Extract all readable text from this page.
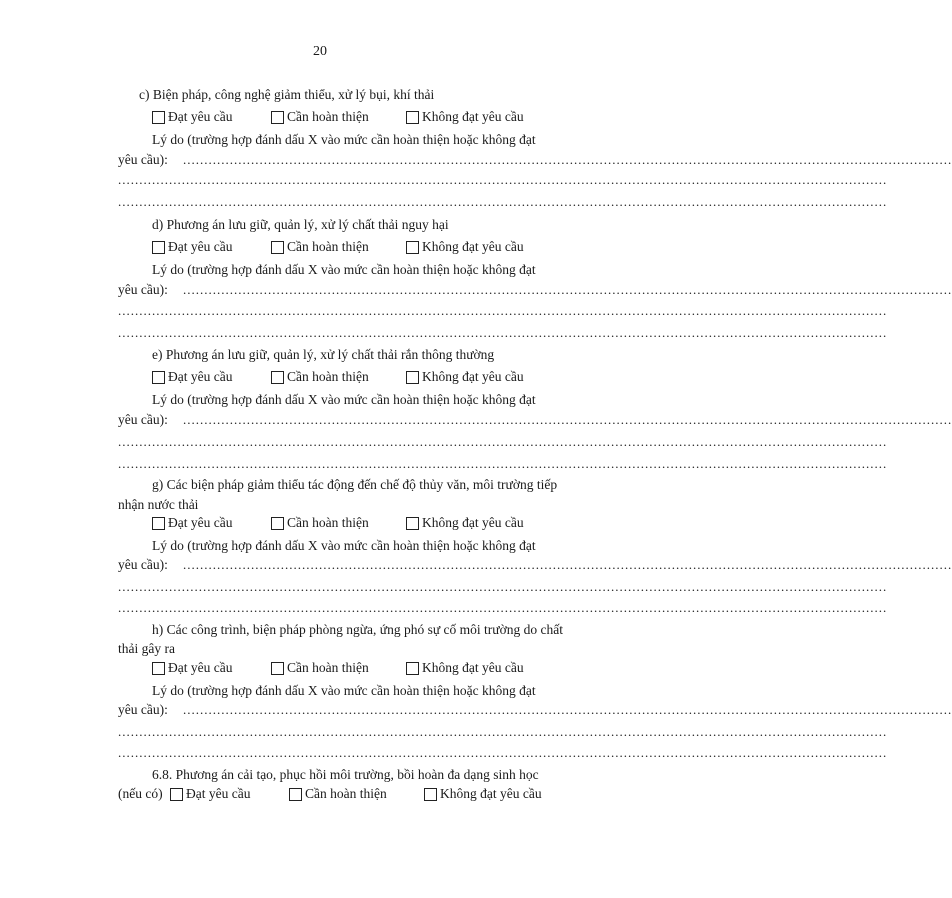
20
c) Biện pháp, công nghệ giảm thiểu, xử lý bụi, khí thải
Đạt yêu cầu	Cần hoàn thiện	Không đạt yêu cầu
Lý do (trường hợp đánh dấu X vào mức cần hoàn thiện hoặc không đạt
yêu cầu): .....................................................................................................................................................................................
.....................................................................................................................................................................................
.....................................................................................................................................................................................
d) Phương án lưu giữ, quản lý, xử lý chất thải nguy hại
Đạt yêu cầu	Cần hoàn thiện	Không đạt yêu cầu
Lý do (trường hợp đánh dấu X vào mức cần hoàn thiện hoặc không đạt
yêu cầu): .....................................................................................................................................................................................
.....................................................................................................................................................................................
.....................................................................................................................................................................................
e) Phương án lưu giữ, quản lý, xử lý chất thải rắn thông thường
Đạt yêu cầu	Cần hoàn thiện	Không đạt yêu cầu
Lý do (trường hợp đánh dấu X vào mức cần hoàn thiện hoặc không đạt
yêu cầu): .....................................................................................................................................................................................
.....................................................................................................................................................................................
.....................................................................................................................................................................................
g) Các biện pháp giảm thiểu tác động đến chế độ thủy văn, môi trường tiếp
nhận nước thải
Đạt yêu cầu	Cần hoàn thiện	Không đạt yêu cầu
Lý do (trường hợp đánh dấu X vào mức cần hoàn thiện hoặc không đạt
yêu cầu): .....................................................................................................................................................................................
.....................................................................................................................................................................................
.....................................................................................................................................................................................
h) Các công trình, biện pháp phòng ngừa, ứng phó sự cố môi trường do chất
thải gây ra
Đạt yêu cầu	Cần hoàn thiện	Không đạt yêu cầu
Lý do (trường hợp đánh dấu X vào mức cần hoàn thiện hoặc không đạt
yêu cầu): .....................................................................................................................................................................................
.....................................................................................................................................................................................
.....................................................................................................................................................................................
6.8. Phương án cải tạo, phục hồi môi trường, bồi hoàn đa dạng sinh học
(nếu có) Đạt yêu cầu	Cần hoàn thiện	Không đạt yêu cầu
